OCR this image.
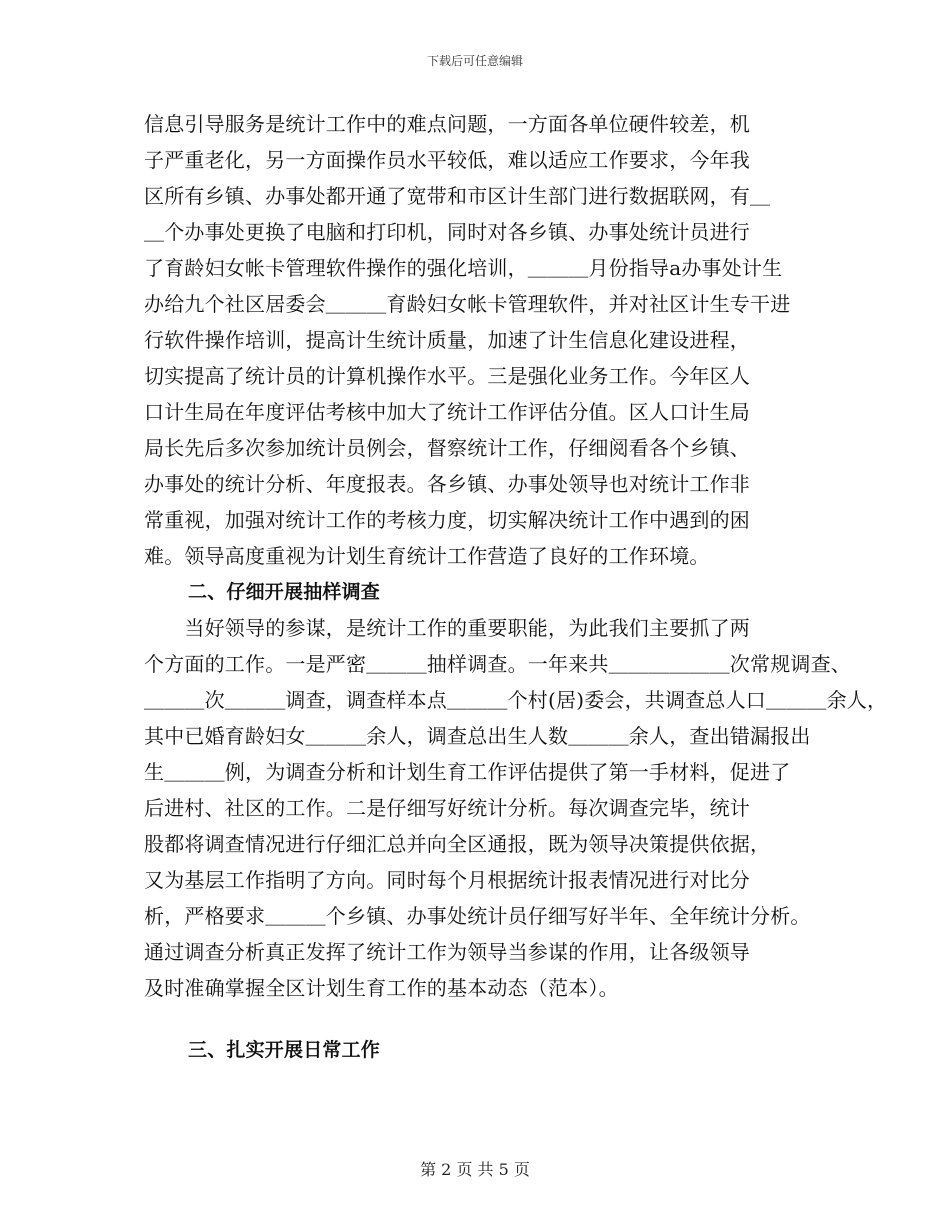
下载后可任意编辑
信息引导服务是统计工作中的难点问题，一方面各单位硬件较差，机
子严重老化，另一方面操作员水平较低，难以适应工作要求，今年我
区所有乡镇、办事处都开通了宽带和市区计生部门进行数据联网，有＿
＿个办事处更换了电脑和打印机，同时对各乡镇、办事处统计员进行
了育龄妇女帐卡管理软件操作的强化培训，＿＿＿月份指导a办事处计生
办给九个社区居委会＿＿＿育龄妇女帐卡管理软件，并对社区计生专干进
行软件操作培训，提高计生统计质量，加速了计生信息化建设进程，
切实提高了统计员的计算机操作水平。三是强化业务工作。今年区人
口计生局在年度评估考核中加大了统计工作评估分值。区人口计生局
局长先后多次参加统计员例会，督察统计工作，仔细阅看各个乡镇、
办事处的统计分析、年度报表。各乡镇、办事处领导也对统计工作非
常重视，加强对统计工作的考核力度，切实解决统计工作中遇到的困
难。领导高度重视为计划生育统计工作营造了良好的工作环境。
二、仔细开展抽样调查
　　当好领导的参谋，是统计工作的重要职能，为此我们主要抓了两
个方面的工作。一是严密＿＿＿抽样调查。一年来共＿＿＿＿＿＿次常规调查、
＿＿＿次＿＿＿调查，调查样本点＿＿＿个村(居)委会，共调查总人口＿＿＿余人，
其中已婚育龄妇女＿＿＿余人，调查总出生人数＿＿＿余人，查出错漏报出
生＿＿＿例，为调查分析和计划生育工作评估提供了第一手材料，促进了
后进村、社区的工作。二是仔细写好统计分析。每次调查完毕，统计
股都将调查情况进行仔细汇总并向全区通报，既为领导决策提供依据，
又为基层工作指明了方向。同时每个月根据统计报表情况进行对比分
析，严格要求＿＿＿个乡镇、办事处统计员仔细写好半年、全年统计分析。
通过调查分析真正发挥了统计工作为领导当参谋的作用，让各级领导
及时准确掌握全区计划生育工作的基本动态（范本）。
三、扎实开展日常工作
第 2 页 共 5 页
